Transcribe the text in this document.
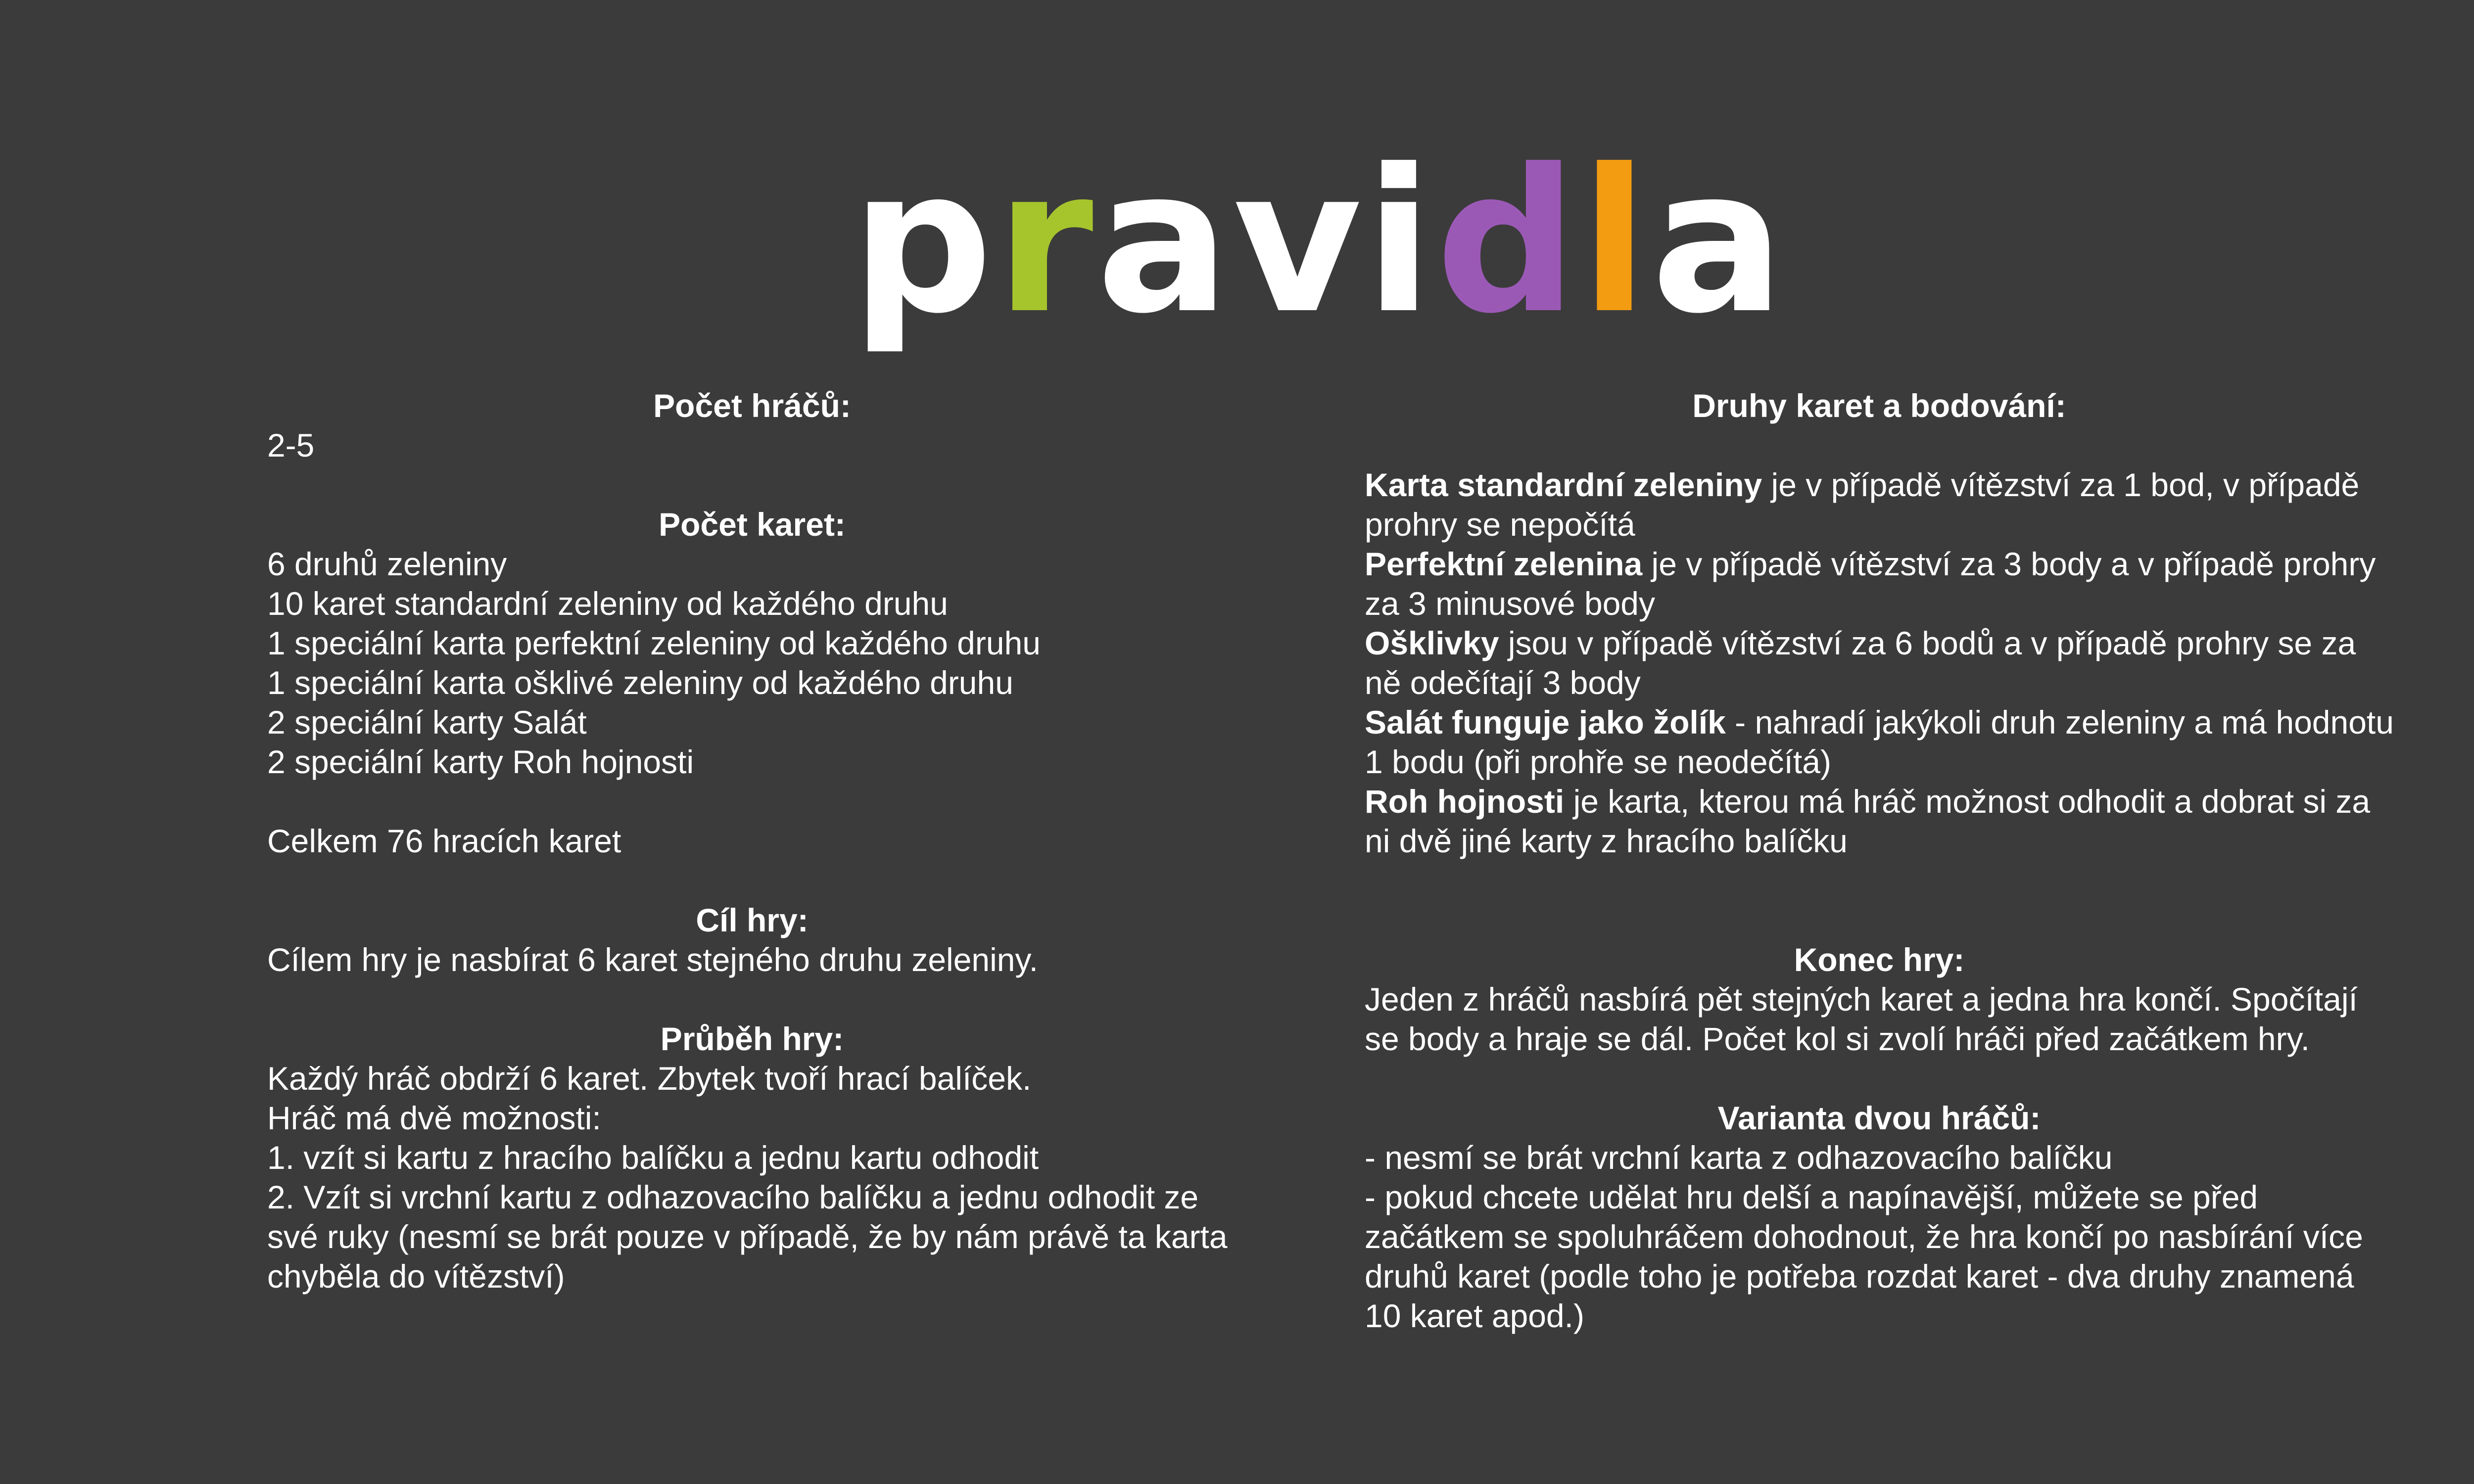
pravidla

Počet hráčů:

2-5

Počet karet:

6 druhů zeleniny

10 karet standardní zeleniny od každého druhu

1 speciální karta perfektní zeleniny od každého druhu

1 speciální karta ošklivé zeleniny od každého druhu

2 speciální karty Salát

2 speciální karty Roh hojnosti

Celkem 76 hracích karet

Cíl hry:

Cílem hry je nasbírat 6 karet stejného druhu zeleniny.

Průběh hry:

Každý hráč obdrží 6 karet. Zbytek tvoří hrací balíček.

Hráč má dvě možnosti:

1. vzít si kartu z hracího balíčku a jednu kartu odhodit

2. Vzít si vrchní kartu z odhazovacího balíčku a jednu odhodit ze své ruky (nesmí se brát pouze v případě, že by nám právě ta karta chyběla do vítězství)

Druhy karet a bodování:

Karta standardní zeleniny je v případě vítězství za 1 bod, v případě prohry se nepočítá

Perfektní zelenina je v případě vítězství za 3 body a v případě prohry za 3 minusové body

Ošklivky jsou v případě vítězství za 6 bodů a v případě prohry se za ně odečítají 3 body

Salát funguje jako žolík - nahradí jakýkoli druh zeleniny a má hodnotu 1 bodu (při prohře se neodečítá)

Roh hojnosti je karta, kterou má hráč možnost odhodit a dobrat si za ni dvě jiné karty z hracího balíčku

Konec hry:

Jeden z hráčů nasbírá pět stejných karet a jedna hra končí. Spočítají se body a hraje se dál. Počet kol si zvolí hráči před začátkem hry.

Varianta dvou hráčů:

- nesmí se brát vrchní karta z odhazovacího balíčku

- pokud chcete udělat hru delší a napínavější, můžete se před začátkem se spoluhráčem dohodnout, že hra končí po nasbírání více druhů karet (podle toho je potřeba rozdat karet - dva druhy znamená 10 karet apod.)
